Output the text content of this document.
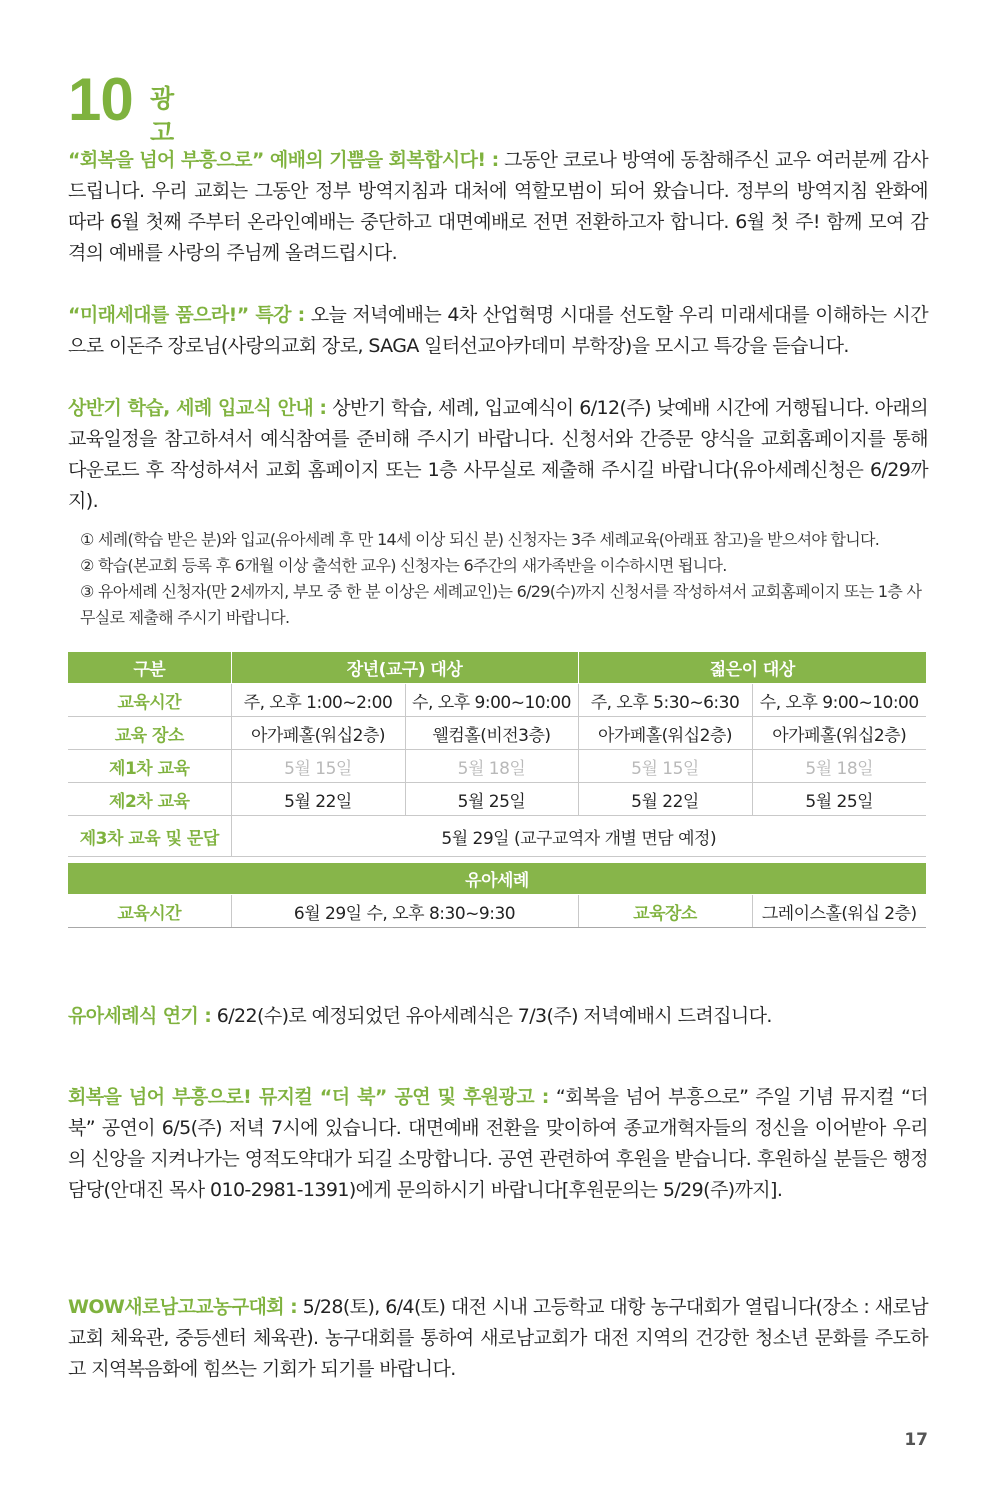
10 광고

“회복을 넘어 부흥으로” 예배의 기쁨을 회복합시다! : 그동안 코로나 방역에 동참해주신 교우 여러분께 감사드립니다. 우리 교회는 그동안 정부 방역지침과 대처에 역할모범이 되어 왔습니다. 정부의 방역지침 완화에 따라 6월 첫째 주부터 온라인예배는 중단하고 대면예배로 전면 전환하고자 합니다. 6월 첫 주! 함께 모여 감격의 예배를 사랑의 주님께 올려드립시다.

“미래세대를 품으라!” 특강 : 오늘 저녁예배는 4차 산업혁명 시대를 선도할 우리 미래세대를 이해하는 시간으로 이돈주 장로님(사랑의교회 장로, SAGA 일터선교아카데미 부학장)을 모시고 특강을 듣습니다.

상반기 학습, 세례 입교식 안내 : 상반기 학습, 세례, 입교예식이 6/12(주) 낮예배 시간에 거행됩니다. 아래의 교육일정을 참고하셔서 예식참여를 준비해 주시기 바랍니다. 신청서와 간증문 양식을 교회홈페이지를 통해 다운로드 후 작성하셔서 교회 홈페이지 또는 1층 사무실로 제출해 주시길 바랍니다(유아세례신청은 6/29까지).

① 세례(학습 받은 분)와 입교(유아세례 후 만 14세 이상 되신 분) 신청자는 3주 세례교육(아래표 참고)을 받으셔야 합니다.
② 학습(본교회 등록 후 6개월 이상 출석한 교우) 신청자는 6주간의 새가족반을 이수하시면 됩니다.
③ 유아세례 신청자(만 2세까지, 부모 중 한 분 이상은 세례교인)는 6/29(수)까지 신청서를 작성하셔서 교회홈페이지 또는 1층 사무실로 제출해 주시기 바랍니다.
구분	장년(교구) 대상		젊은이 대상	
교육시간	주, 오후 1:00~2:00	수, 오후 9:00~10:00	주, 오후 5:30~6:30	수, 오후 9:00~10:00
교육 장소	아가페홀(워십2층)	웰컴홀(비전3층)	아가페홀(워십2층)	아가페홀(워십2층)
제1차 교육	5월 15일	5월 18일	5월 15일	5월 18일
제2차 교육	5월 22일	5월 25일	5월 22일	5월 25일
제3차 교육 및 문답	5월 29일 (교구교역자 개별 면담 예정)			

유아세례				
교육시간	6월 29일 수, 오후 8:30~9:30		교육장소	그레이스홀(워십 2층)

유아세례식 연기 : 6/22(수)로 예정되었던 유아세례식은 7/3(주) 저녁예배시 드려집니다.

회복을 넘어 부흥으로! 뮤지컬 “더 북” 공연 및 후원광고 : “회복을 넘어 부흥으로” 주일 기념 뮤지컬 “더 북” 공연이 6/5(주) 저녁 7시에 있습니다. 대면예배 전환을 맞이하여 종교개혁자들의 정신을 이어받아 우리의 신앙을 지켜나가는 영적도약대가 되길 소망합니다. 공연 관련하여 후원을 받습니다. 후원하실 분들은 행정 담당(안대진 목사 010-2981-1391)에게 문의하시기 바랍니다[후원문의는 5/29(주)까지].

WOW새로남고교농구대회 : 5/28(토), 6/4(토) 대전 시내 고등학교 대항 농구대회가 열립니다(장소 : 새로남교회 체육관, 중등센터 체육관). 농구대회를 통하여 새로남교회가 대전 지역의 건강한 청소년 문화를 주도하고 지역복음화에 힘쓰는 기회가 되기를 바랍니다.

17
